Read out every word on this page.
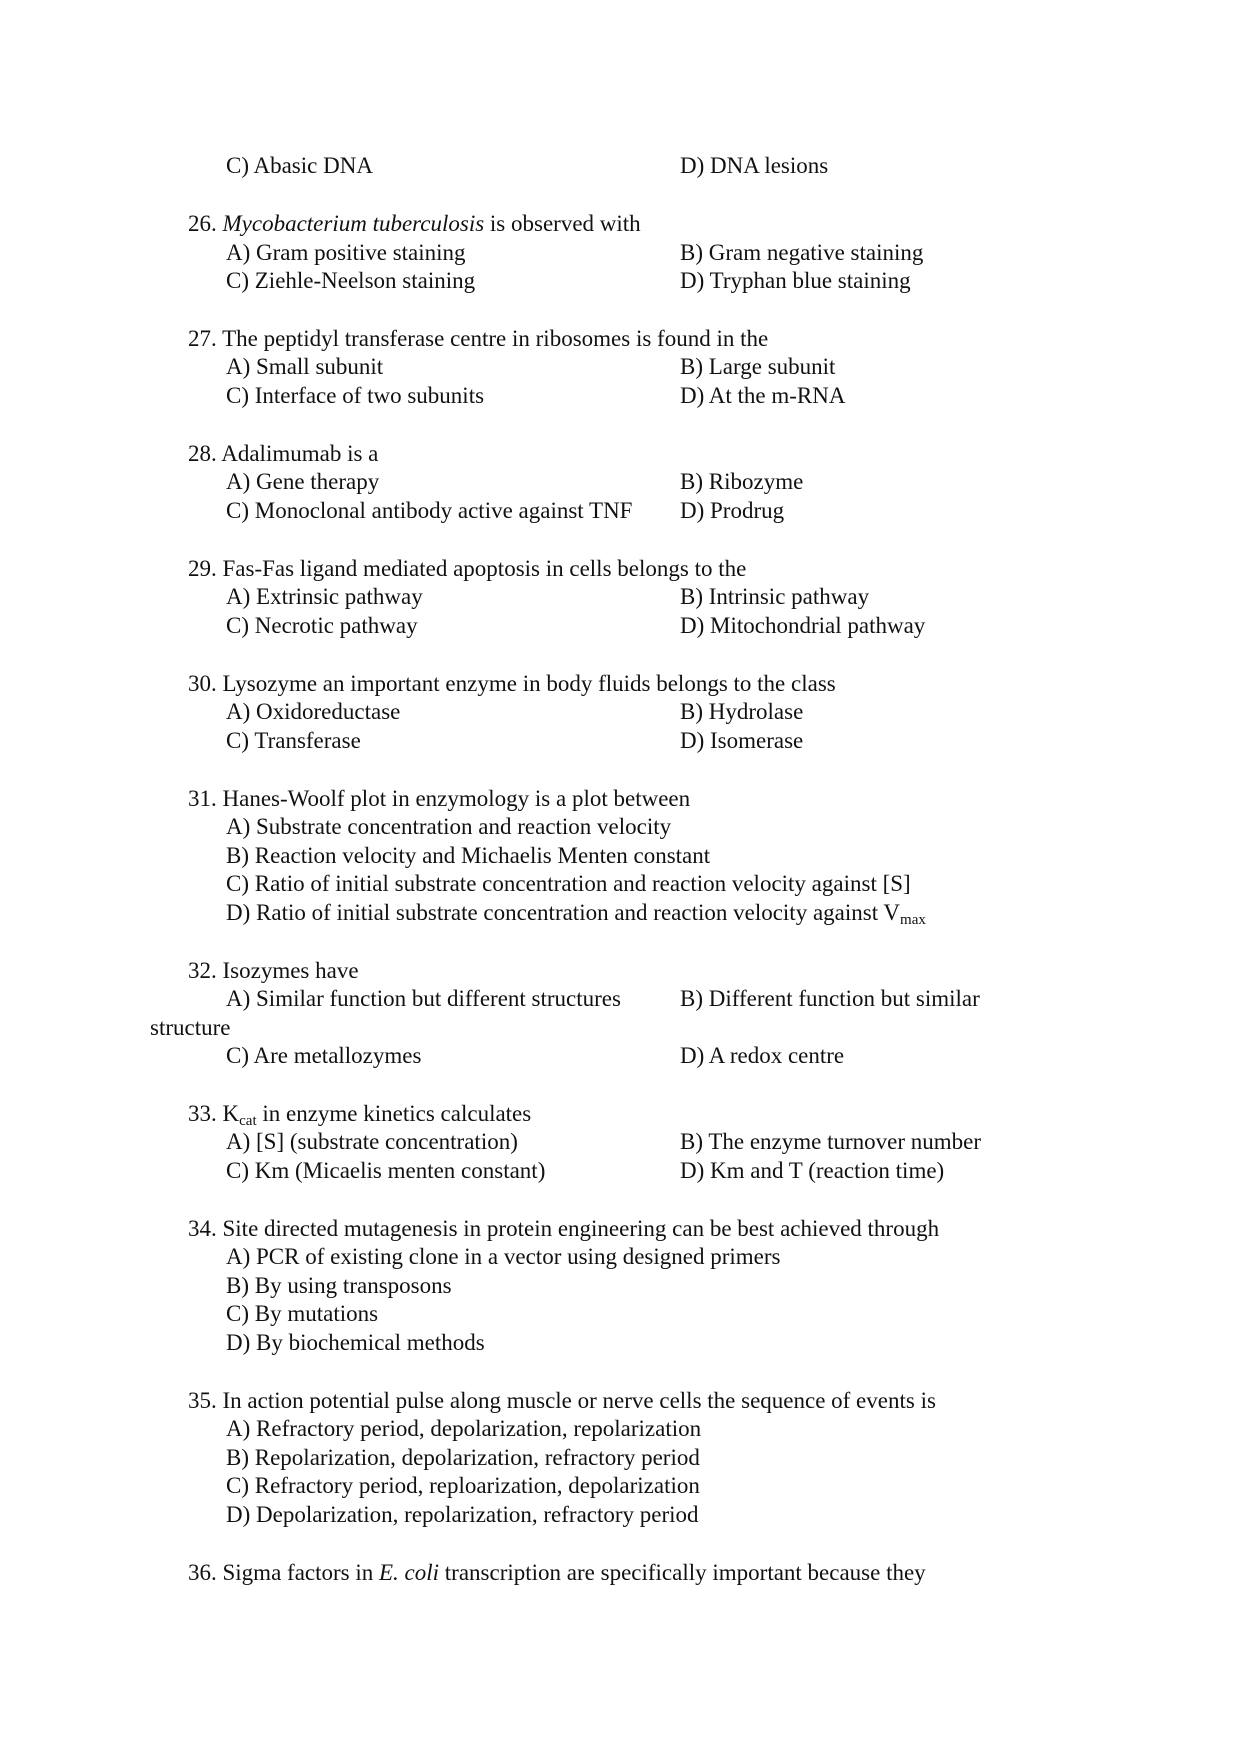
C) Abasic DNA	D) DNA lesions
26. Mycobacterium tuberculosis is observed with
A) Gram positive staining	B) Gram negative staining
C) Ziehle-Neelson staining	D) Tryphan blue staining
27. The peptidyl transferase centre in ribosomes is found in the
A) Small subunit	B) Large subunit
C) Interface of two subunits	D) At the m-RNA
28. Adalimumab is a
A) Gene therapy	B) Ribozyme
C) Monoclonal antibody active against TNF D) Prodrug
29. Fas-Fas ligand mediated apoptosis in cells belongs to the
A) Extrinsic pathway	B) Intrinsic pathway
C) Necrotic pathway	D) Mitochondrial pathway
30. Lysozyme an important enzyme in body fluids belongs to the class
A) Oxidoreductase	B) Hydrolase
C) Transferase	D) Isomerase
31. Hanes-Woolf plot in enzymology is a plot between
A) Substrate concentration and reaction velocity
B) Reaction velocity and Michaelis Menten constant
C) Ratio of initial substrate concentration and reaction velocity against [S]
D) Ratio of initial substrate concentration and reaction velocity against $V_{max}$
32. Isozymes have
A) Similar function but different structures	B) Different function but similar
structure
C) Are metallozymes	D) A redox centre
33. $K_{cat}$ in enzyme kinetics calculates
A) [S] (substrate concentration)	B) The enzyme turnover number
C) Km (Micaelis menten constant)	D) Km and T (reaction time)
34. Site directed mutagenesis in protein engineering can be best achieved through
A) PCR of existing clone in a vector using designed primers
B) By using transposons
C) By mutations
D) By biochemical methods
35. In action potential pulse along muscle or nerve cells the sequence of events is
A) Refractory period, depolarization, repolarization
B) Repolarization, depolarization, refractory period
C) Refractory period, reploarization, depolarization
D) Depolarization, repolarization, refractory period
36. Sigma factors in E. coli transcription are specifically important because they
